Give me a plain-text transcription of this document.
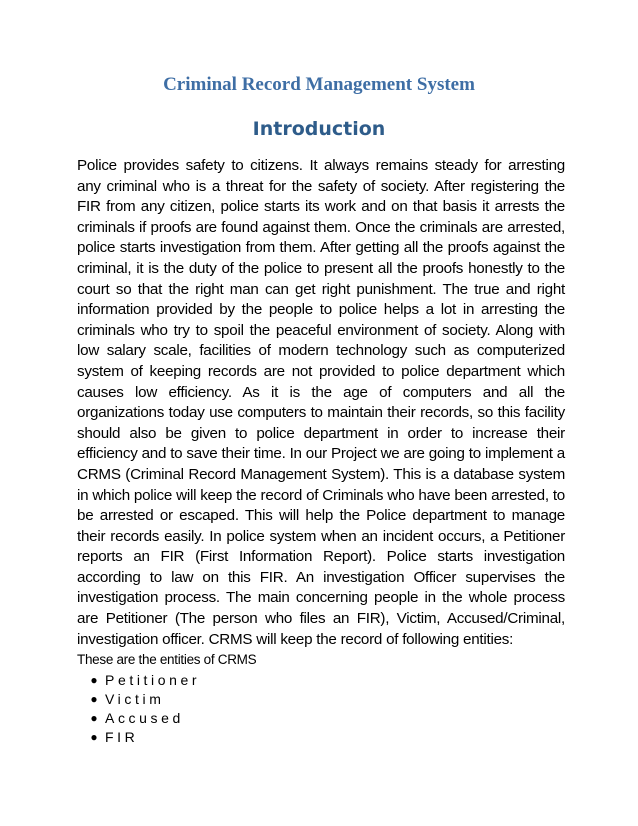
Criminal Record Management System
Introduction

Police provides safety to citizens. It always remains steady for arresting any criminal who is a threat for the safety of society. After registering the FIR from any citizen, police starts its work and on that basis it arrests the criminals if proofs are found against them. Once the criminals are arrested, police starts investigation from them. After getting all the proofs against the criminal, it is the duty of the police to present all the proofs honestly to the court so that the right man can get right punishment. The true and right information provided by the people to police helps a lot in arresting the criminals who try to spoil the peaceful environment of society. Along with low salary scale, facilities of modern technology such as computerized system of keeping records are not provided to police department which causes low efficiency. As it is the age of computers and all the organizations today use computers to maintain their records, so this facility should also be given to police department in order to increase their efficiency and to save their time. In our Project we are going to implement a CRMS (Criminal Record Management System). This is a database system in which police will keep the record of Criminals who have been arrested, to be arrested or escaped. This will help the Police department to manage their records easily. In police system when an incident occurs, a Petitioner reports an FIR (First Information Report). Police starts investigation according to law on this FIR. An investigation Officer supervises the investigation process. The main concerning people in the whole process are Petitioner (The person who files an FIR), Victim, Accused/Criminal, investigation officer. CRMS will keep the record of following entities:

These are the entities of CRMS
● Petitioner
● Victim
● Accused
● FIR
